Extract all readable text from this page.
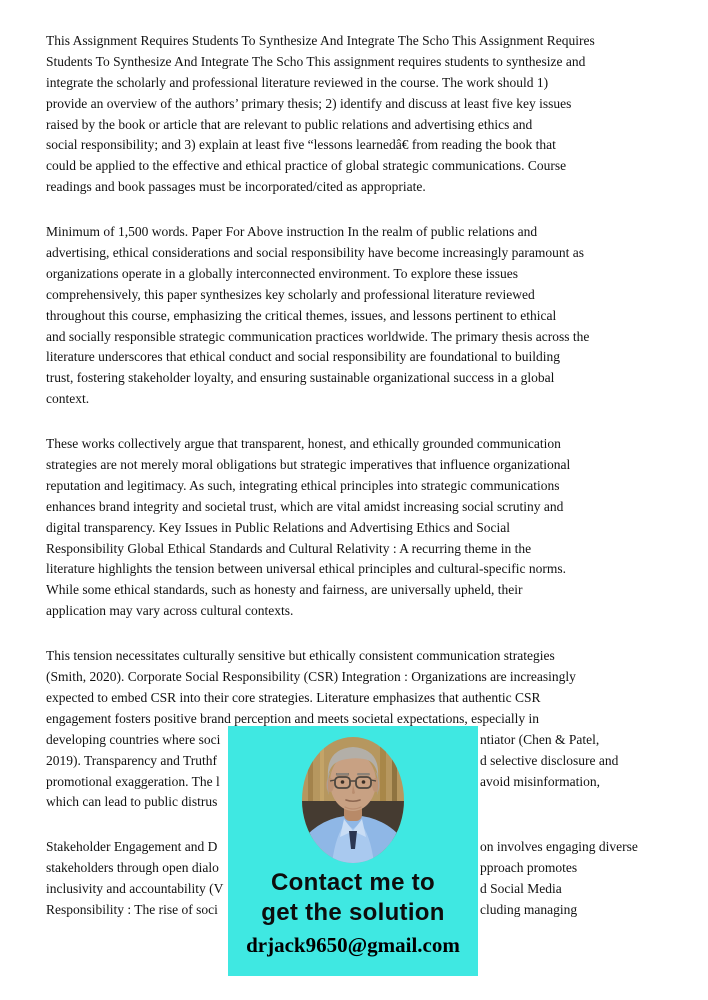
This Assignment Requires Students To Synthesize And Integrate The Scho This Assignment Requires
Students To Synthesize And Integrate The Scho This assignment requires students to synthesize and
integrate the scholarly and professional literature reviewed in the course. The work should 1)
provide an overview of the authors’ primary thesis; 2) identify and discuss at least five key issues
raised by the book or article that are relevant to public relations and advertising ethics and
social responsibility; and 3) explain at least five “lessons learnedâ€ from reading the book that
could be applied to the effective and ethical practice of global strategic communications. Course
readings and book passages must be incorporated/cited as appropriate.
Minimum of 1,500 words. Paper For Above instruction In the realm of public relations and
advertising, ethical considerations and social responsibility have become increasingly paramount as
organizations operate in a globally interconnected environment. To explore these issues
comprehensively, this paper synthesizes key scholarly and professional literature reviewed
throughout this course, emphasizing the critical themes, issues, and lessons pertinent to ethical
and socially responsible strategic communication practices worldwide. The primary thesis across the
literature underscores that ethical conduct and social responsibility are foundational to building
trust, fostering stakeholder loyalty, and ensuring sustainable organizational success in a global
context.
These works collectively argue that transparent, honest, and ethically grounded communication
strategies are not merely moral obligations but strategic imperatives that influence organizational
reputation and legitimacy. As such, integrating ethical principles into strategic communications
enhances brand integrity and societal trust, which are vital amidst increasing social scrutiny and
digital transparency. Key Issues in Public Relations and Advertising Ethics and Social
Responsibility Global Ethical Standards and Cultural Relativity : A recurring theme in the
literature highlights the tension between universal ethical principles and cultural-specific norms.
While some ethical standards, such as honesty and fairness, are universally upheld, their
application may vary across cultural contexts.
This tension necessitates culturally sensitive but ethically consistent communication strategies
(Smith, 2020). Corporate Social Responsibility (CSR) Integration : Organizations are increasingly
expected to embed CSR into their core strategies. Literature emphasizes that authentic CSR
engagement fosters positive brand perception and meets societal expectations, especially in
developing countries where soci	ntiator (Chen & Patel,
2019). Transparency and Truthf	d selective disclosure and
promotional exaggeration. The l	avoid misinformation,
which can lead to public distrus
Stakeholder Engagement and D	on involves engaging diverse
stakeholders through open dialo	pproach promotes
inclusivity and accountability (V	d Social Media
Responsibility : The rise of soci	cluding managing
Contact me to
get the solution
drjack9650@gmail.com
